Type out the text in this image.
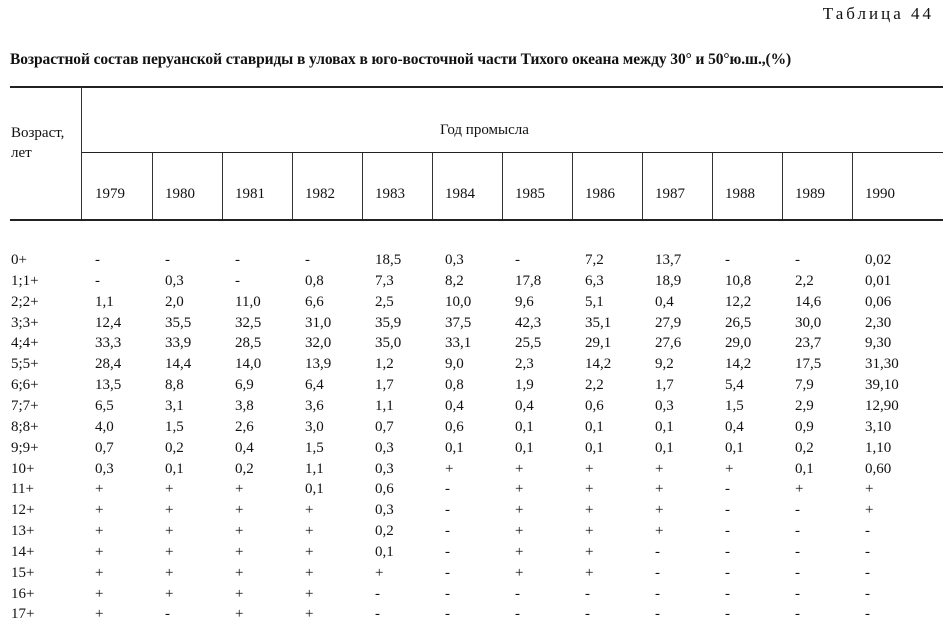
Таблица 44
Возрастной состав перуанской ставриды в уловах в юго-восточной части Тихого океана между 30° и 50°ю.ш.,(%)
Возраст,
лет
Год промысла
1979	1980	1981	1982	1983	1984	1985	1986	1987	1988	1989	1990
0+	-	-	-	-	18,5	0,3	-	7,2	13,7	-	-	0,02
1;1+	-	0,3	-	0,8	7,3	8,2	17,8	6,3	18,9	10,8	2,2	0,01
2;2+	1,1	2,0	11,0	6,6	2,5	10,0	9,6	5,1	0,4	12,2	14,6	0,06
3;3+	12,4	35,5	32,5	31,0	35,9	37,5	42,3	35,1	27,9	26,5	30,0	2,30
4;4+	33,3	33,9	28,5	32,0	35,0	33,1	25,5	29,1	27,6	29,0	23,7	9,30
5;5+	28,4	14,4	14,0	13,9	1,2	9,0	2,3	14,2	9,2	14,2	17,5	31,30
6;6+	13,5	8,8	6,9	6,4	1,7	0,8	1,9	2,2	1,7	5,4	7,9	39,10
7;7+	6,5	3,1	3,8	3,6	1,1	0,4	0,4	0,6	0,3	1,5	2,9	12,90
8;8+	4,0	1,5	2,6	3,0	0,7	0,6	0,1	0,1	0,1	0,4	0,9	3,10
9;9+	0,7	0,2	0,4	1,5	0,3	0,1	0,1	0,1	0,1	0,1	0,2	1,10
10+	0,3	0,1	0,2	1,1	0,3	+	+	+	+	+	0,1	0,60
11+	+	+	+	0,1	0,6	-	+	+	+	-	+	+
12+	+	+	+	+	0,3	-	+	+	+	-	-	+
13+	+	+	+	+	0,2	-	+	+	+	-	-	-
14+	+	+	+	+	0,1	-	+	+	-	-	-	-
15+	+	+	+	+	+	-	+	+	-	-	-	-
16+	+	+	+	+	-	-	-	-	-	-	-	-
17+	+	-	+	+	-	-	-	-	-	-	-	-
